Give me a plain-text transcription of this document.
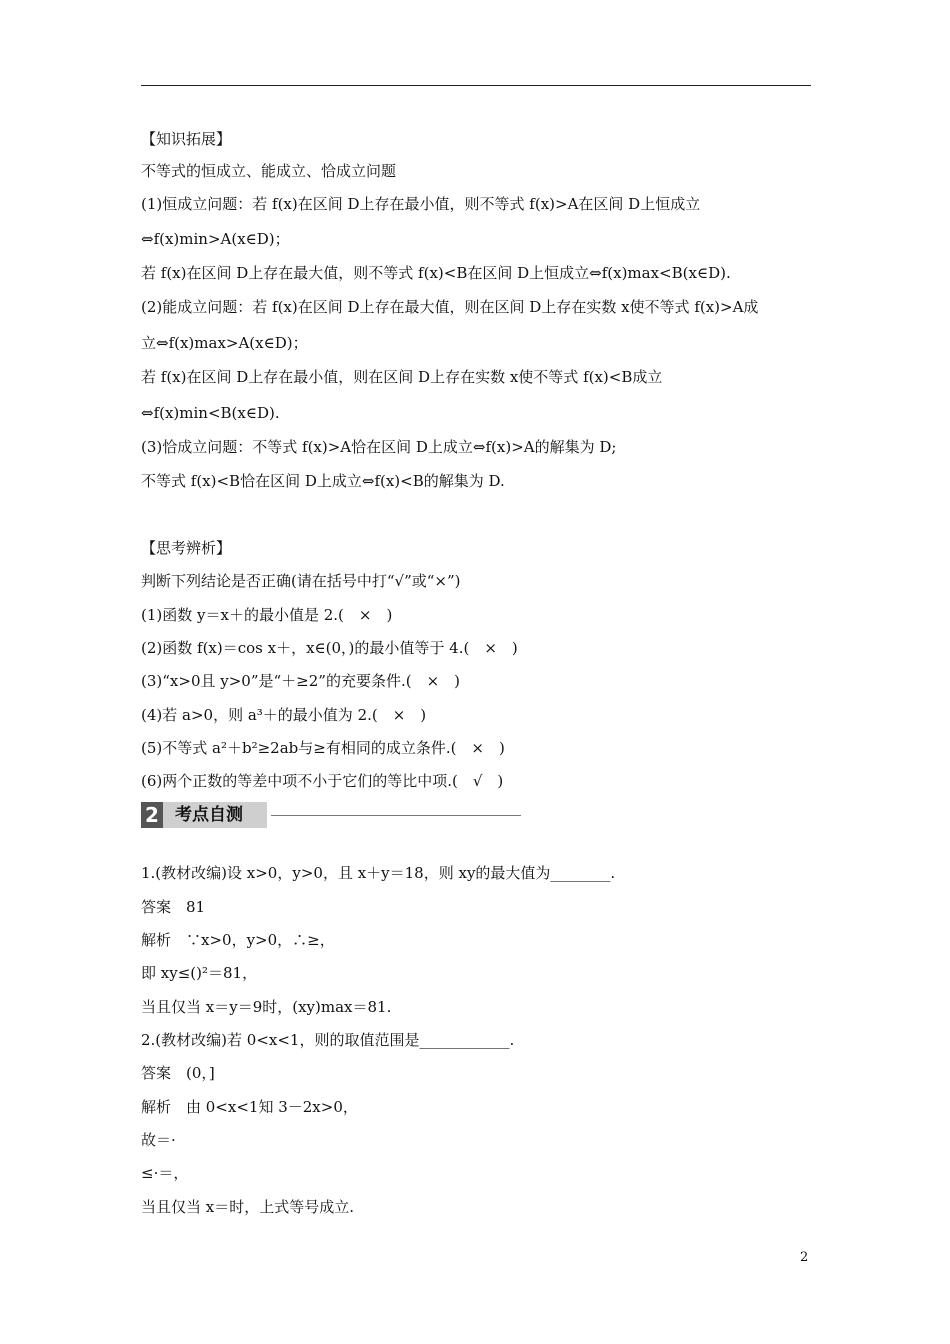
【知识拓展】
不等式的恒成立、能成立、恰成立问题
(1)恒成立问题：若 f(x)在区间 D上存在最小值，则不等式 f(x)>A在区间 D上恒成立
⇔f(x)min>A(x∈D)；
若 f(x)在区间 D上存在最大值，则不等式 f(x)<B在区间 D上恒成立⇔f(x)max<B(x∈D).
(2)能成立问题：若 f(x)在区间 D上存在最大值，则在区间 D上存在实数 x使不等式 f(x)>A成
立⇔f(x)max>A(x∈D)；
若 f(x)在区间 D上存在最小值，则在区间 D上存在实数 x使不等式 f(x)<B成立
⇔f(x)min<B(x∈D).
(3)恰成立问题：不等式 f(x)>A恰在区间 D上成立⇔f(x)>A的解集为 D;
不等式 f(x)<B恰在区间 D上成立⇔f(x)<B的解集为 D.
【思考辨析】
判断下列结论是否正确(请在括号中打“√”或“×”)
(1)函数 y＝x＋的最小值是 2.(　×　)
(2)函数 f(x)＝cos x＋，x∈(0，)的最小值等于 4.(　×　)
(3)“x>0且 y>0”是“＋≥2”的充要条件.(　×　)
(4)若 a>0，则 a³＋的最小值为 2.(　×　)
(5)不等式 a²＋b²≥2ab与≥有相同的成立条件.(　×　)
(6)两个正数的等差中项不小于它们的等比中项.(　√　)
2 考点自测
1.(教材改编)设 x>0，y>0，且 x＋y＝18，则 xy的最大值为________.
答案　81
解析　∵x>0，y>0，∴≥，
即 xy≤()²＝81，
当且仅当 x＝y＝9时，(xy)max＝81.
2.(教材改编)若 0<x<1，则的取值范围是____________.
答案　(0，]
解析　由 0<x<1知 3－2x>0，
故＝·
≤·＝，
当且仅当 x＝时，上式等号成立.
2
